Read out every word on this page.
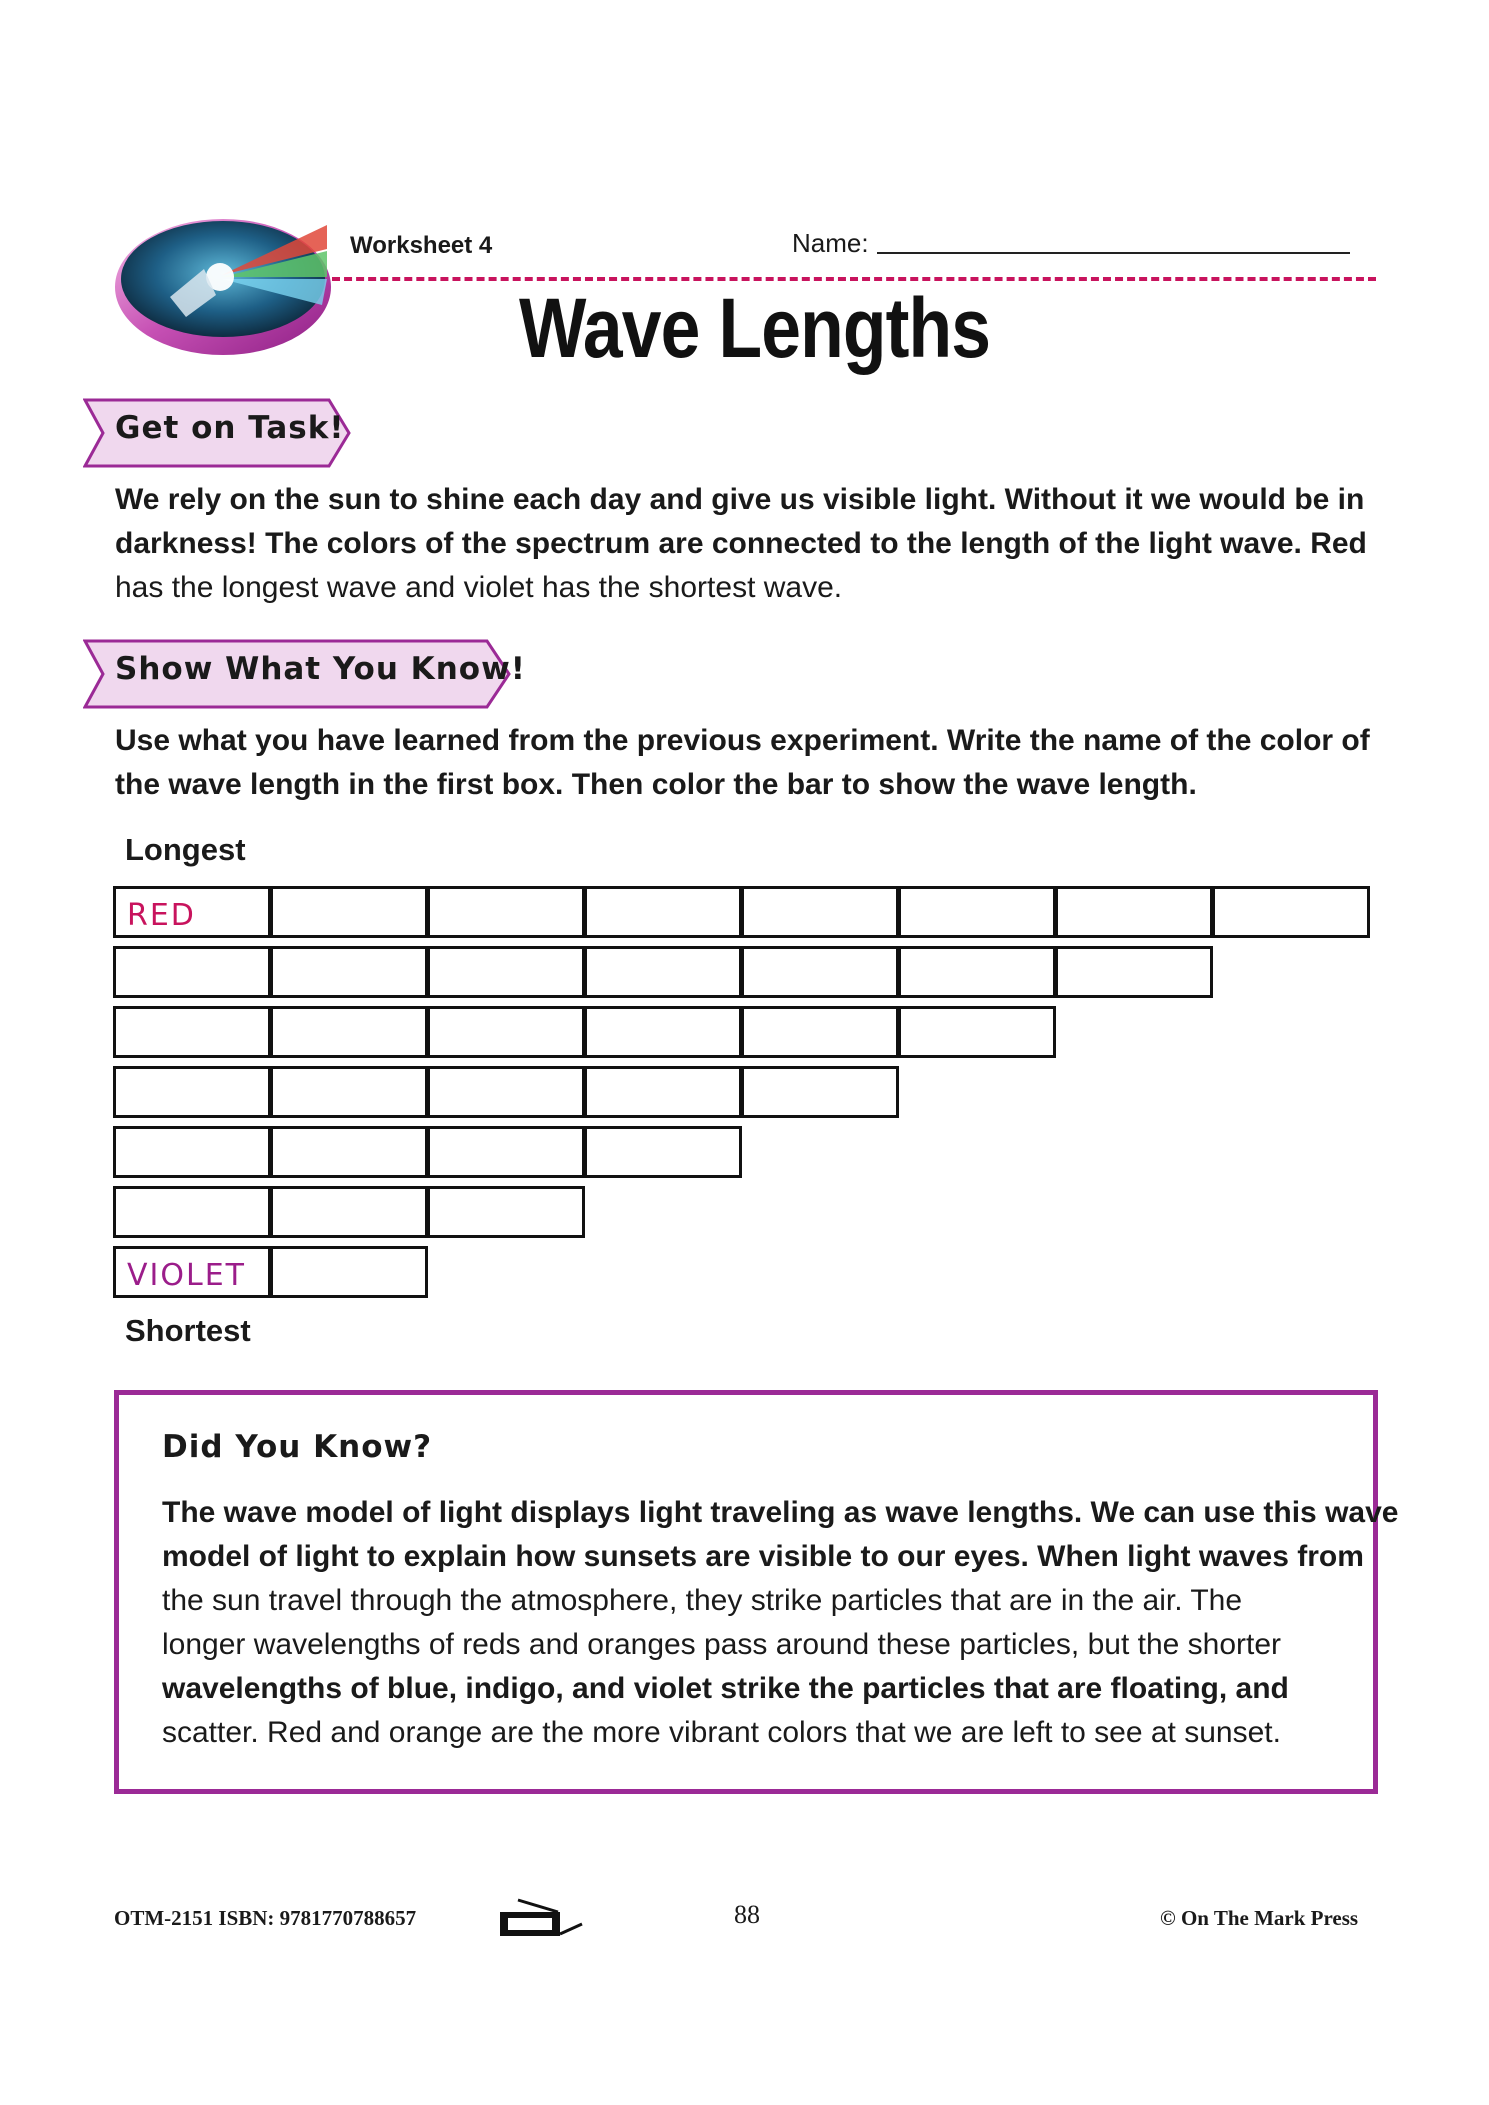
Worksheet 4	Name:
Wave Lengths
Get on Task!

We rely on the sun to shine each day and give us visible light. Without it we would be in

darkness! The colors of the spectrum are connected to the length of the light wave. Red

has the longest wave and violet has the shortest wave.

Show What You Know!

Use what you have learned from the previous experiment. Write the name of the color of

the wave length in the first box. Then color the bar to show the wave length.

Longest
RED
VIOLET
Shortest
Did You Know?

The wave model of light displays light traveling as wave lengths. We can use this wave

model of light to explain how sunsets are visible to our eyes. When light waves from

the sun travel through the atmosphere, they strike particles that are in the air. The

longer wavelengths of reds and oranges pass around these particles, but the shorter

wavelengths of blue, indigo, and violet strike the particles that are floating, and

scatter. Red and orange are the more vibrant colors that we are left to see at sunset.

OTM-2151 ISBN: 9781770788657	88	© On The Mark Press
